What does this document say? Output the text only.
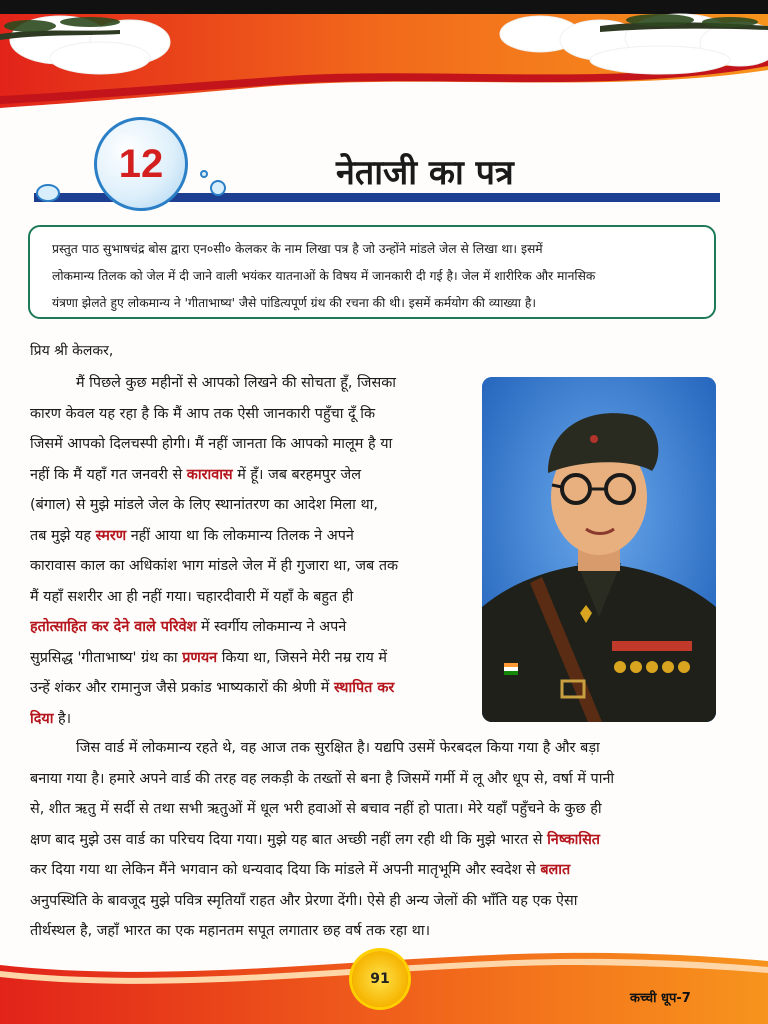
12	नेताजी का पत्र
प्रस्तुत पाठ सुभाषचंद्र बोस द्वारा एन०सी० केलकर के नाम लिखा पत्र है जो उन्होंने मांडले जेल से लिखा था। इसमें
लोकमान्य तिलक को जेल में दी जाने वाली भयंकर यातनाओं के विषय में जानकारी दी गई है। जेल में शारीरिक और मानसिक
यंत्रणा झेलते हुए लोकमान्य ने 'गीताभाष्य' जैसे पांडित्यपूर्ण ग्रंथ की रचना की थी। इसमें कर्मयोग की व्याख्या है।
प्रिय श्री केलकर,
मैं पिछले कुछ महीनों से आपको लिखने की सोचता हूँ, जिसका
कारण केवल यह रहा है कि मैं आप तक ऐसी जानकारी पहुँचा दूँ कि
जिसमें आपको दिलचस्पी होगी। मैं नहीं जानता कि आपको मालूम है या
नहीं कि मैं यहाँ गत जनवरी से कारावास में हूँ। जब बरहमपुर जेल
(बंगाल) से मुझे मांडले जेल के लिए स्थानांतरण का आदेश मिला था,
तब मुझे यह स्मरण नहीं आया था कि लोकमान्य तिलक ने अपने
कारावास काल का अधिकांश भाग मांडले जेल में ही गुजारा था, जब तक
मैं यहाँ सशरीर आ ही नहीं गया। चहारदीवारी में यहाँ के बहुत ही
हतोत्साहित कर देने वाले परिवेश में स्वर्गीय लोकमान्य ने अपने
सुप्रसिद्ध 'गीताभाष्य' ग्रंथ का प्रणयन किया था, जिसने मेरी नम्र राय में
उन्हें शंकर और रामानुज जैसे प्रकांड भाष्यकारों की श्रेणी में स्थापित कर
दिया है।
जिस वार्ड में लोकमान्य रहते थे, वह आज तक सुरक्षित है। यद्यपि उसमें फेरबदल किया गया है और बड़ा
बनाया गया है। हमारे अपने वार्ड की तरह वह लकड़ी के तख्तों से बना है जिसमें गर्मी में लू और धूप से, वर्षा में पानी
से, शीत ऋतु में सर्दी से तथा सभी ऋतुओं में धूल भरी हवाओं से बचाव नहीं हो पाता। मेरे यहाँ पहुँचने के कुछ ही
क्षण बाद मुझे उस वार्ड का परिचय दिया गया। मुझे यह बात अच्छी नहीं लग रही थी कि मुझे भारत से निष्कासित
कर दिया गया था लेकिन मैंने भगवान को धन्यवाद दिया कि मांडले में अपनी मातृभूमि और स्वदेश से बलात
अनुपस्थिति के बावजूद मुझे पवित्र स्मृतियाँ राहत और प्रेरणा देंगी। ऐसे ही अन्य जेलों की भाँति यह एक ऐसा
तीर्थस्थल है, जहाँ भारत का एक महानतम सपूत लगातार छह वर्ष तक रहा था।
91
कच्ची धूप-7
